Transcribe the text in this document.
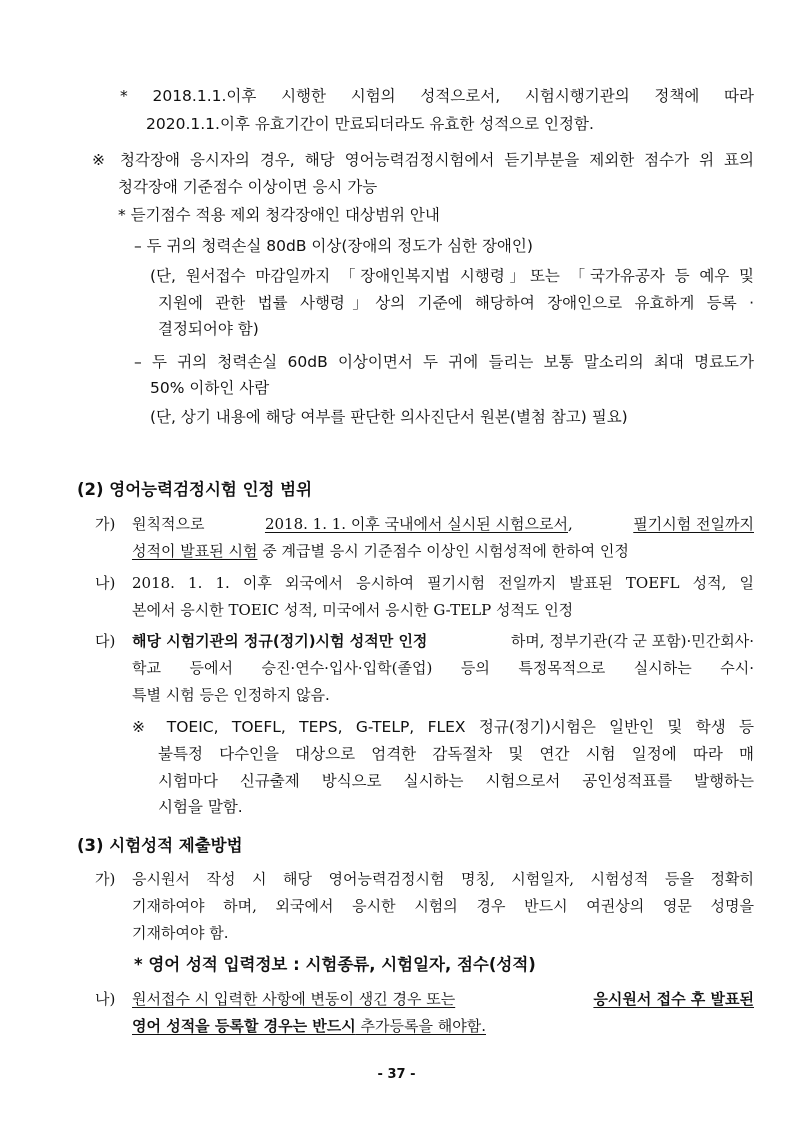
* 2018.1.1.이후 시행한 시험의 성적으로서, 시험시행기관의 정책에 따라
2020.1.1.이후 유효기간이 만료되더라도 유효한 성적으로 인정함.
※ 청각장애 응시자의 경우, 해당 영어능력검정시험에서 듣기부분을 제외한 점수가 위 표의
청각장애 기준점수 이상이면 응시 가능
* 듣기점수 적용 제외 청각장애인 대상범위 안내
– 두 귀의 청력손실 80dB 이상(장애의 정도가 심한 장애인)
(단, 원서접수 마감일까지 「장애인복지법 시행령」또는 「국가유공자 등 예우 및
지원에 관한 법률 사행령」상의 기준에 해당하여 장애인으로 유효하게 등록 ·
결정되어야 함)
– 두 귀의 청력손실 60dB 이상이면서 두 귀에 들리는 보통 말소리의 최대 명료도가
50% 이하인 사람
(단, 상기 내용에 해당 여부를 판단한 의사진단서 원본(별첨 참고) 필요)
(2) 영어능력검정시험 인정 범위
가) 원칙적으로	2018. 1. 1. 이후 국내에서 실시된 시험으로서,	필기시험 전일까지
성적이 발표된 시험 중 계급별 응시 기준점수 이상인 시험성적에 한하여 인정
나) 2018. 1. 1. 이후 외국에서 응시하여 필기시험 전일까지 발표된 TOEFL 성적, 일
본에서 응시한 TOEIC 성적, 미국에서 응시한 G-TELP 성적도 인정
다) 해당 시험기관의 정규(정기)시험 성적만 인정	하며, 정부기관(각 군 포함)·민간회사·
학교 등에서 승진·연수·입사·입학(졸업) 등의 특정목적으로 실시하는 수시·
특별 시험 등은 인정하지 않음.
※ TOEIC, TOEFL, TEPS, G-TELP, FLEX 정규(정기)시험은 일반인 및 학생 등
불특정 다수인을 대상으로 엄격한 감독절차 및 연간 시험 일정에 따라 매
시험마다 신규출제 방식으로 실시하는 시험으로서 공인성적표를 발행하는
시험을 말함.
(3) 시험성적 제출방법
가) 응시원서 작성 시 해당 영어능력검정시험 명칭, 시험일자, 시험성적 등을 정확히
기재하여야 하며, 외국에서 응시한 시험의 경우 반드시 여권상의 영문 성명을
기재하여야 함.
* 영어 성적 입력정보 : 시험종류, 시험일자, 점수(성적)
나) 원서접수 시 입력한 사항에 변동이 생긴 경우 또는	응시원서 접수 후 발표된
영어 성적을 등록할 경우는 반드시 추가등록을 해야함.
- 37 -
